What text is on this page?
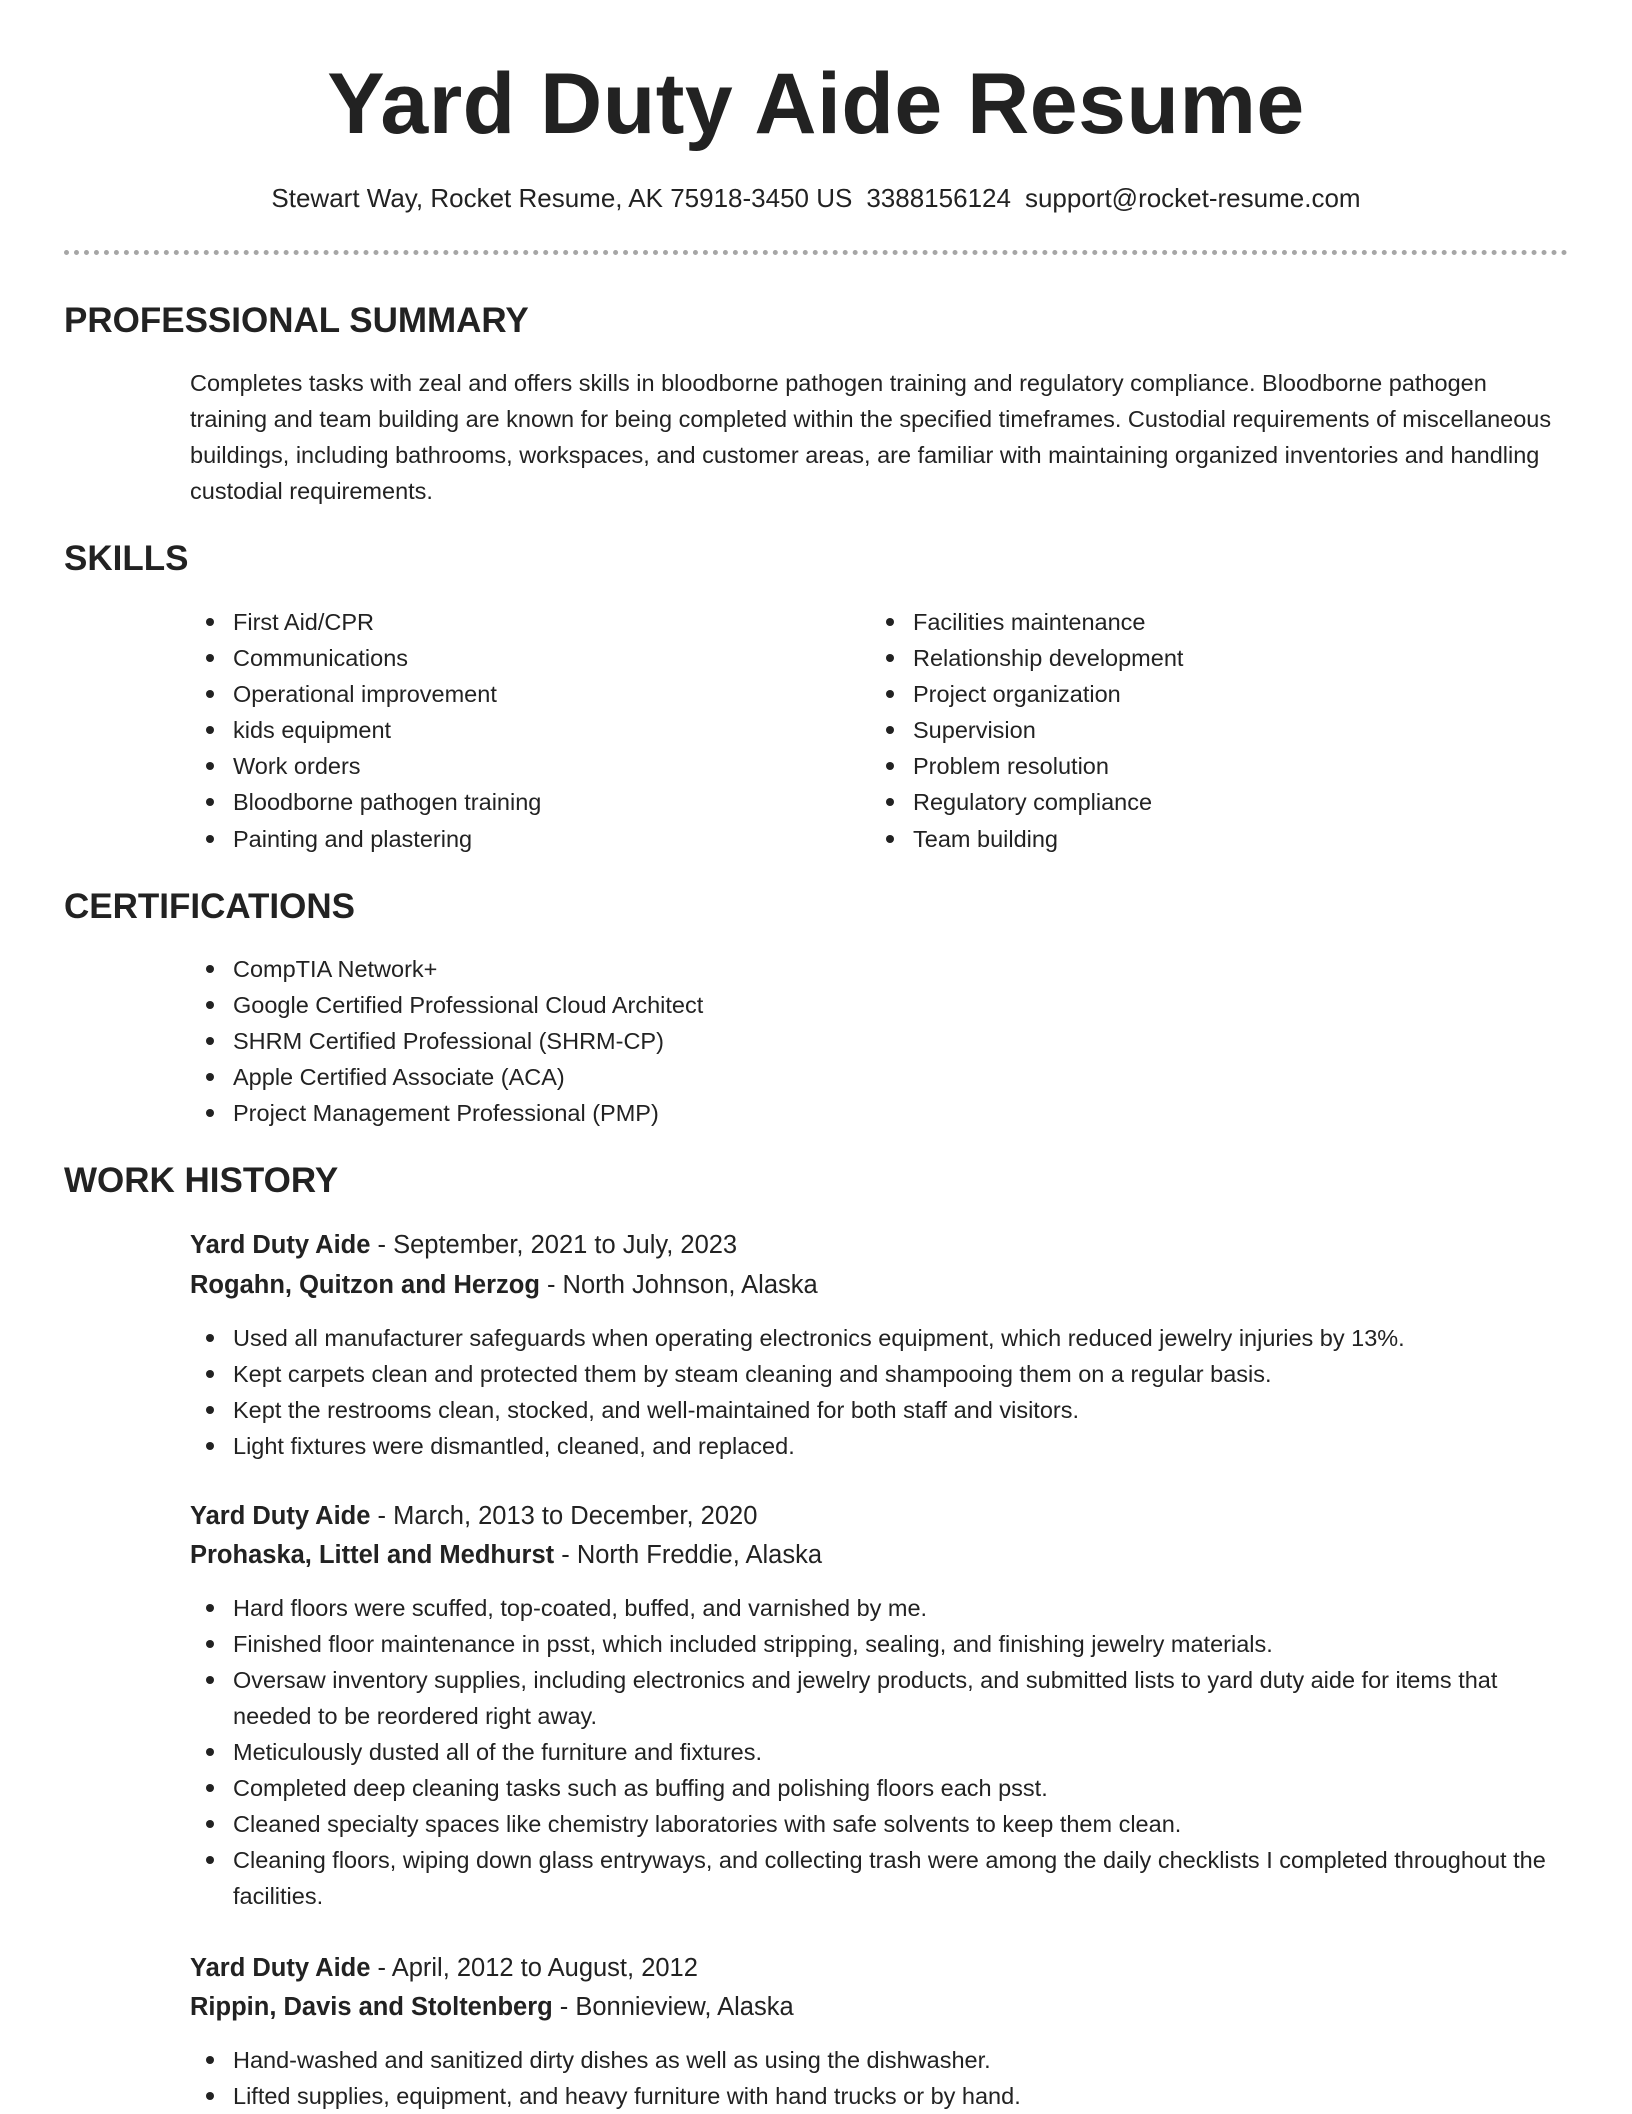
Yard Duty Aide Resume
Stewart Way, Rocket Resume, AK 75918-3450 US 3388156124 support@rocket-resume.com
PROFESSIONAL SUMMARY

Completes tasks with zeal and offers skills in bloodborne pathogen training and regulatory compliance. Bloodborne pathogen training and team building are known for being completed within the specified timeframes. Custodial requirements of miscellaneous buildings, including bathrooms, workspaces, and customer areas, are familiar with maintaining organized inventories and handling custodial requirements.

SKILLS
First Aid/CPR
Communications
Operational improvement
kids equipment
Work orders
Bloodborne pathogen training
Painting and plastering
Facilities maintenance
Relationship development
Project organization
Supervision
Problem resolution
Regulatory compliance
Team building
CERTIFICATIONS
CompTIA Network+
Google Certified Professional Cloud Architect
SHRM Certified Professional (SHRM-CP)
Apple Certified Associate (ACA)
Project Management Professional (PMP)
WORK HISTORY
Yard Duty Aide - September, 2021 to July, 2023
Rogahn, Quitzon and Herzog - North Johnson, Alaska
Used all manufacturer safeguards when operating electronics equipment, which reduced jewelry injuries by 13%.
Kept carpets clean and protected them by steam cleaning and shampooing them on a regular basis.
Kept the restrooms clean, stocked, and well-maintained for both staff and visitors.
Light fixtures were dismantled, cleaned, and replaced.
Yard Duty Aide - March, 2013 to December, 2020
Prohaska, Littel and Medhurst - North Freddie, Alaska
Hard floors were scuffed, top-coated, buffed, and varnished by me.
Finished floor maintenance in psst, which included stripping, sealing, and finishing jewelry materials.
Oversaw inventory supplies, including electronics and jewelry products, and submitted lists to yard duty aide for items that needed to be reordered right away.
Meticulously dusted all of the furniture and fixtures.
Completed deep cleaning tasks such as buffing and polishing floors each psst.
Cleaned specialty spaces like chemistry laboratories with safe solvents to keep them clean.
Cleaning floors, wiping down glass entryways, and collecting trash were among the daily checklists I completed throughout the facilities.
Yard Duty Aide - April, 2012 to August, 2012
Rippin, Davis and Stoltenberg - Bonnieview, Alaska
Hand-washed and sanitized dirty dishes as well as using the dishwasher.
Lifted supplies, equipment, and heavy furniture with hand trucks or by hand.
